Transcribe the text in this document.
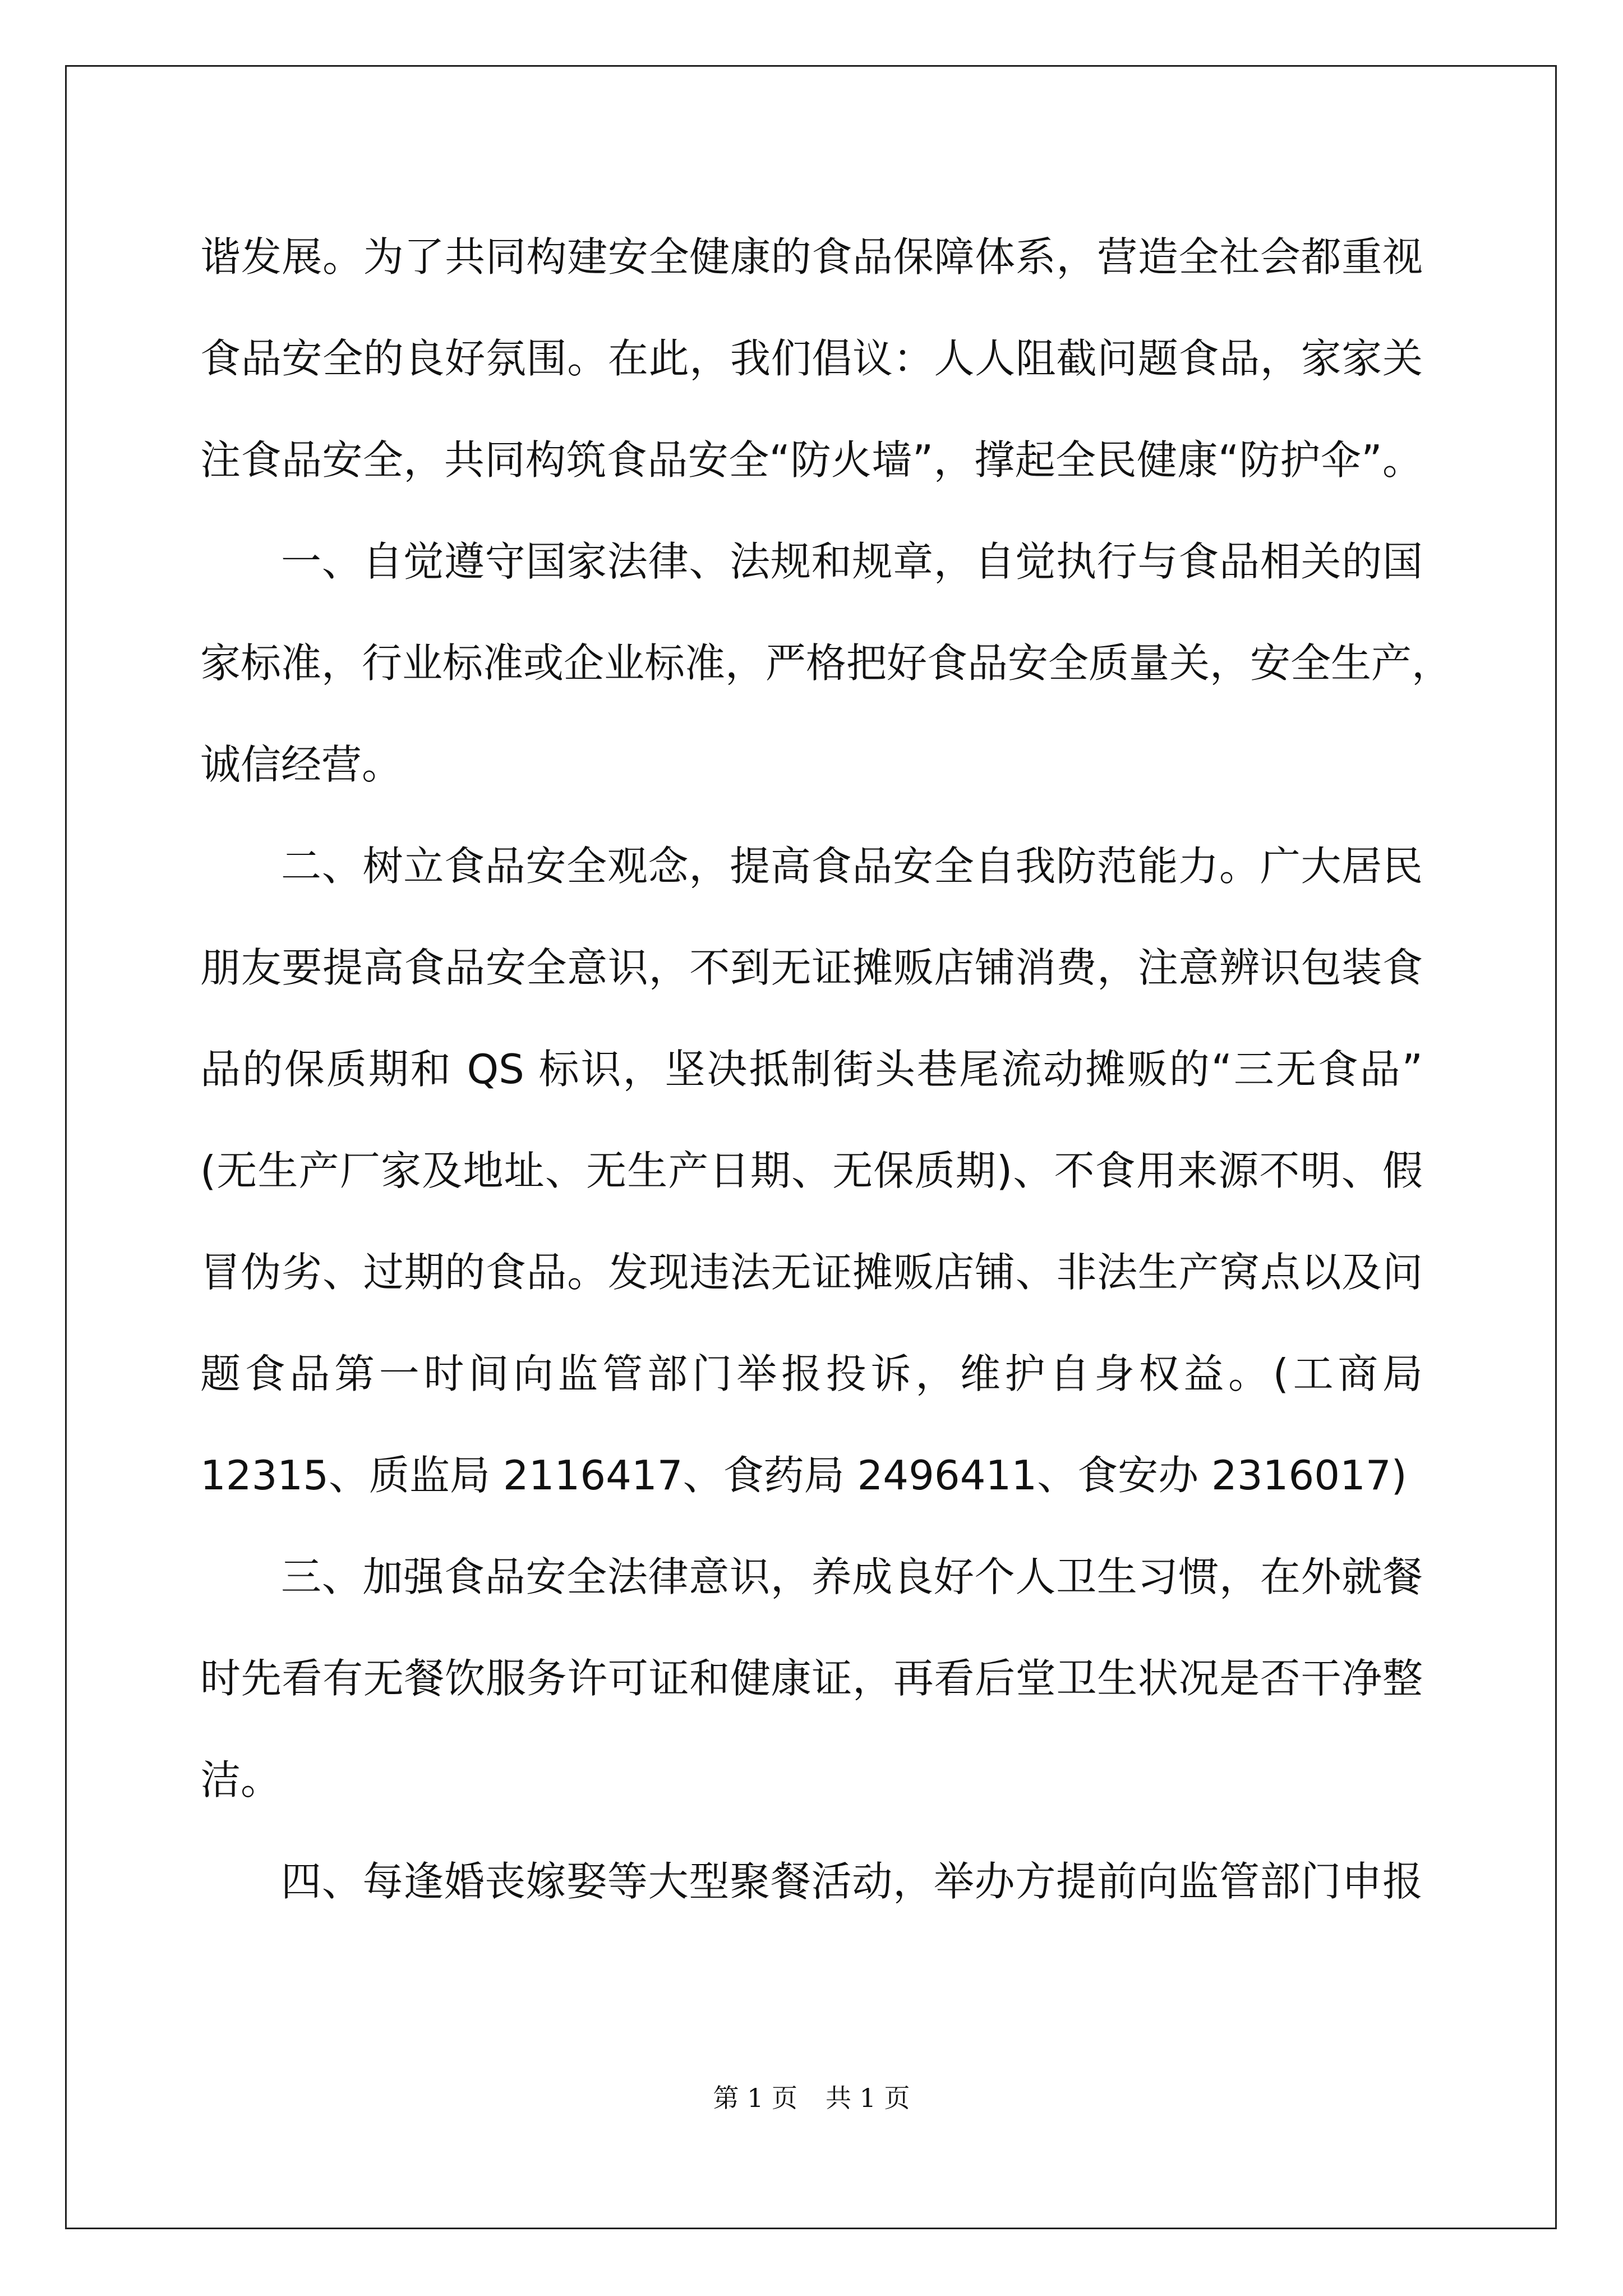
谐发展。为了共同构建安全健康的食品保障体系，营造全社会都重视
食品安全的良好氛围。在此，我们倡议：人人阻截问题食品，家家关
注食品安全，共同构筑食品安全“防火墙”，撑起全民健康“防护伞”。
一、自觉遵守国家法律、法规和规章，自觉执行与食品相关的国
家标准，行业标准或企业标准，严格把好食品安全质量关，安全生产，
诚信经营。
二、树立食品安全观念，提高食品安全自我防范能力。广大居民
朋友要提高食品安全意识，不到无证摊贩店铺消费，注意辨识包装食
品的保质期和 QS 标识，坚决抵制街头巷尾流动摊贩的“三无食品”
(无生产厂家及地址、无生产日期、无保质期)、不食用来源不明、假
冒伪劣、过期的食品。发现违法无证摊贩店铺、非法生产窝点以及问
题食品第一时间向监管部门举报投诉，维护自身权益。(工商局
12315、质监局 2116417、食药局 2496411、食安办 2316017)
三、加强食品安全法律意识，养成良好个人卫生习惯，在外就餐
时先看有无餐饮服务许可证和健康证，再看后堂卫生状况是否干净整
洁。
四、每逢婚丧嫁娶等大型聚餐活动，举办方提前向监管部门申报
第 1 页 共 1 页
